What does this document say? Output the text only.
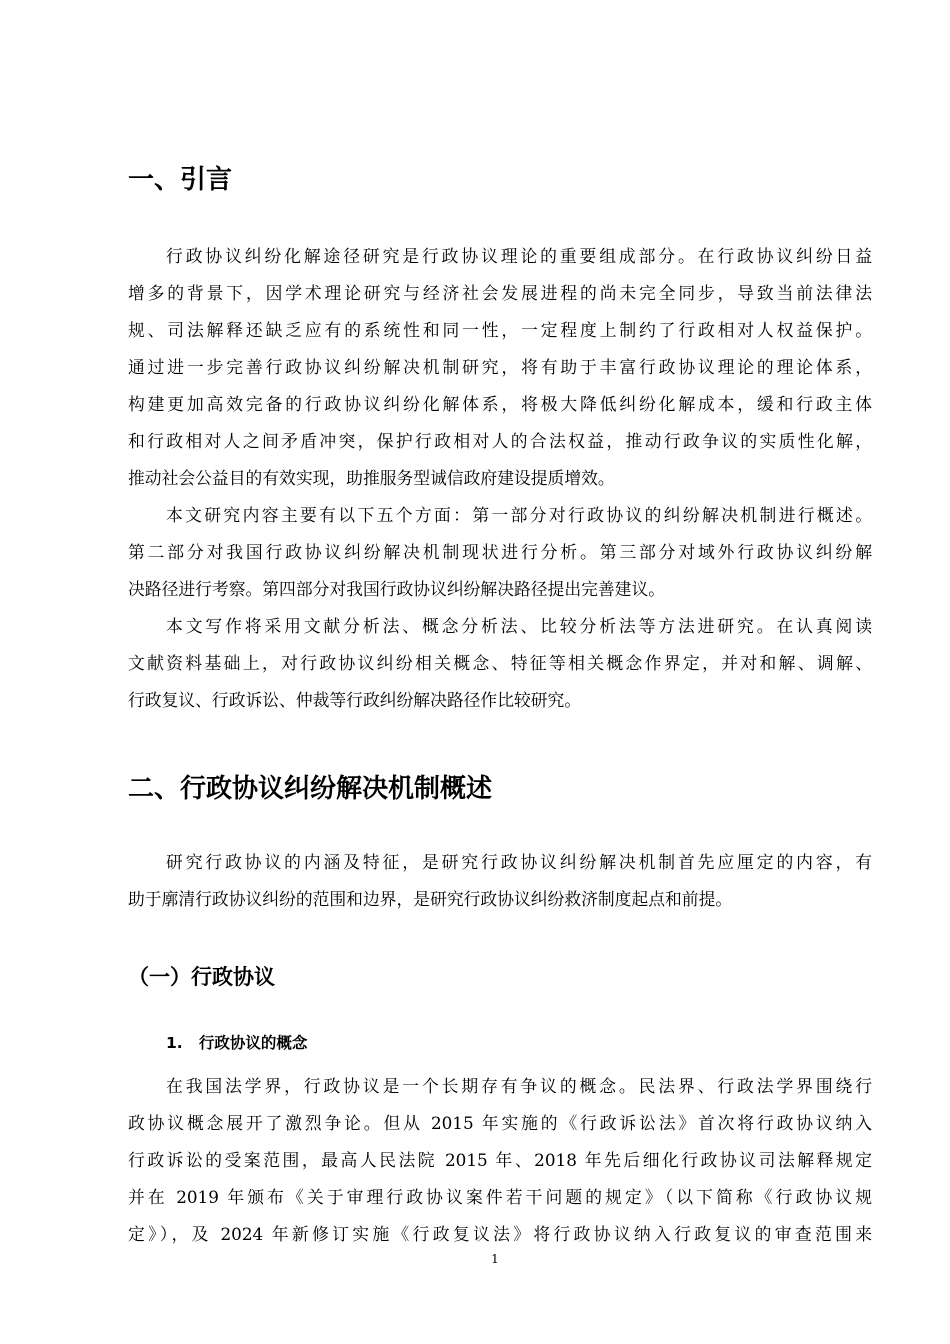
一、引言
行政协议纠纷化解途径研究是行政协议理论的重要组成部分。在行政协议纠纷日益
增多的背景下，因学术理论研究与经济社会发展进程的尚未完全同步，导致当前法律法
规、司法解释还缺乏应有的系统性和同一性，一定程度上制约了行政相对人权益保护。
通过进一步完善行政协议纠纷解决机制研究，将有助于丰富行政协议理论的理论体系，
构建更加高效完备的行政协议纠纷化解体系，将极大降低纠纷化解成本，缓和行政主体
和行政相对人之间矛盾冲突，保护行政相对人的合法权益，推动行政争议的实质性化解，
推动社会公益目的有效实现，助推服务型诚信政府建设提质增效。
本文研究内容主要有以下五个方面：第一部分对行政协议的纠纷解决机制进行概述。
第二部分对我国行政协议纠纷解决机制现状进行分析。第三部分对域外行政协议纠纷解
决路径进行考察。第四部分对我国行政协议纠纷解决路径提出完善建议。
本文写作将采用文献分析法、概念分析法、比较分析法等方法进研究。在认真阅读
文献资料基础上，对行政协议纠纷相关概念、特征等相关概念作界定，并对和解、调解、
行政复议、行政诉讼、仲裁等行政纠纷解决路径作比较研究。
二、行政协议纠纷解决机制概述
研究行政协议的内涵及特征，是研究行政协议纠纷解决机制首先应厘定的内容，有
助于廓清行政协议纠纷的范围和边界，是研究行政协议纠纷救济制度起点和前提。
（一）行政协议
1.   行政协议的概念
在我国法学界，行政协议是一个长期存有争议的概念。民法界、行政法学界围绕行
政协议概念展开了激烈争论。但从 2015 年实施的《行政诉讼法》首次将行政协议纳入
行政诉讼的受案范围，最高人民法院 2015 年、2018 年先后细化行政协议司法解释规定
并在 2019 年颁布《关于审理行政协议案件若干问题的规定》（以下简称《行政协议规
定》），及 2024 年新修订实施《行政复议法》将行政协议纳入行政复议的审查范围来
1
